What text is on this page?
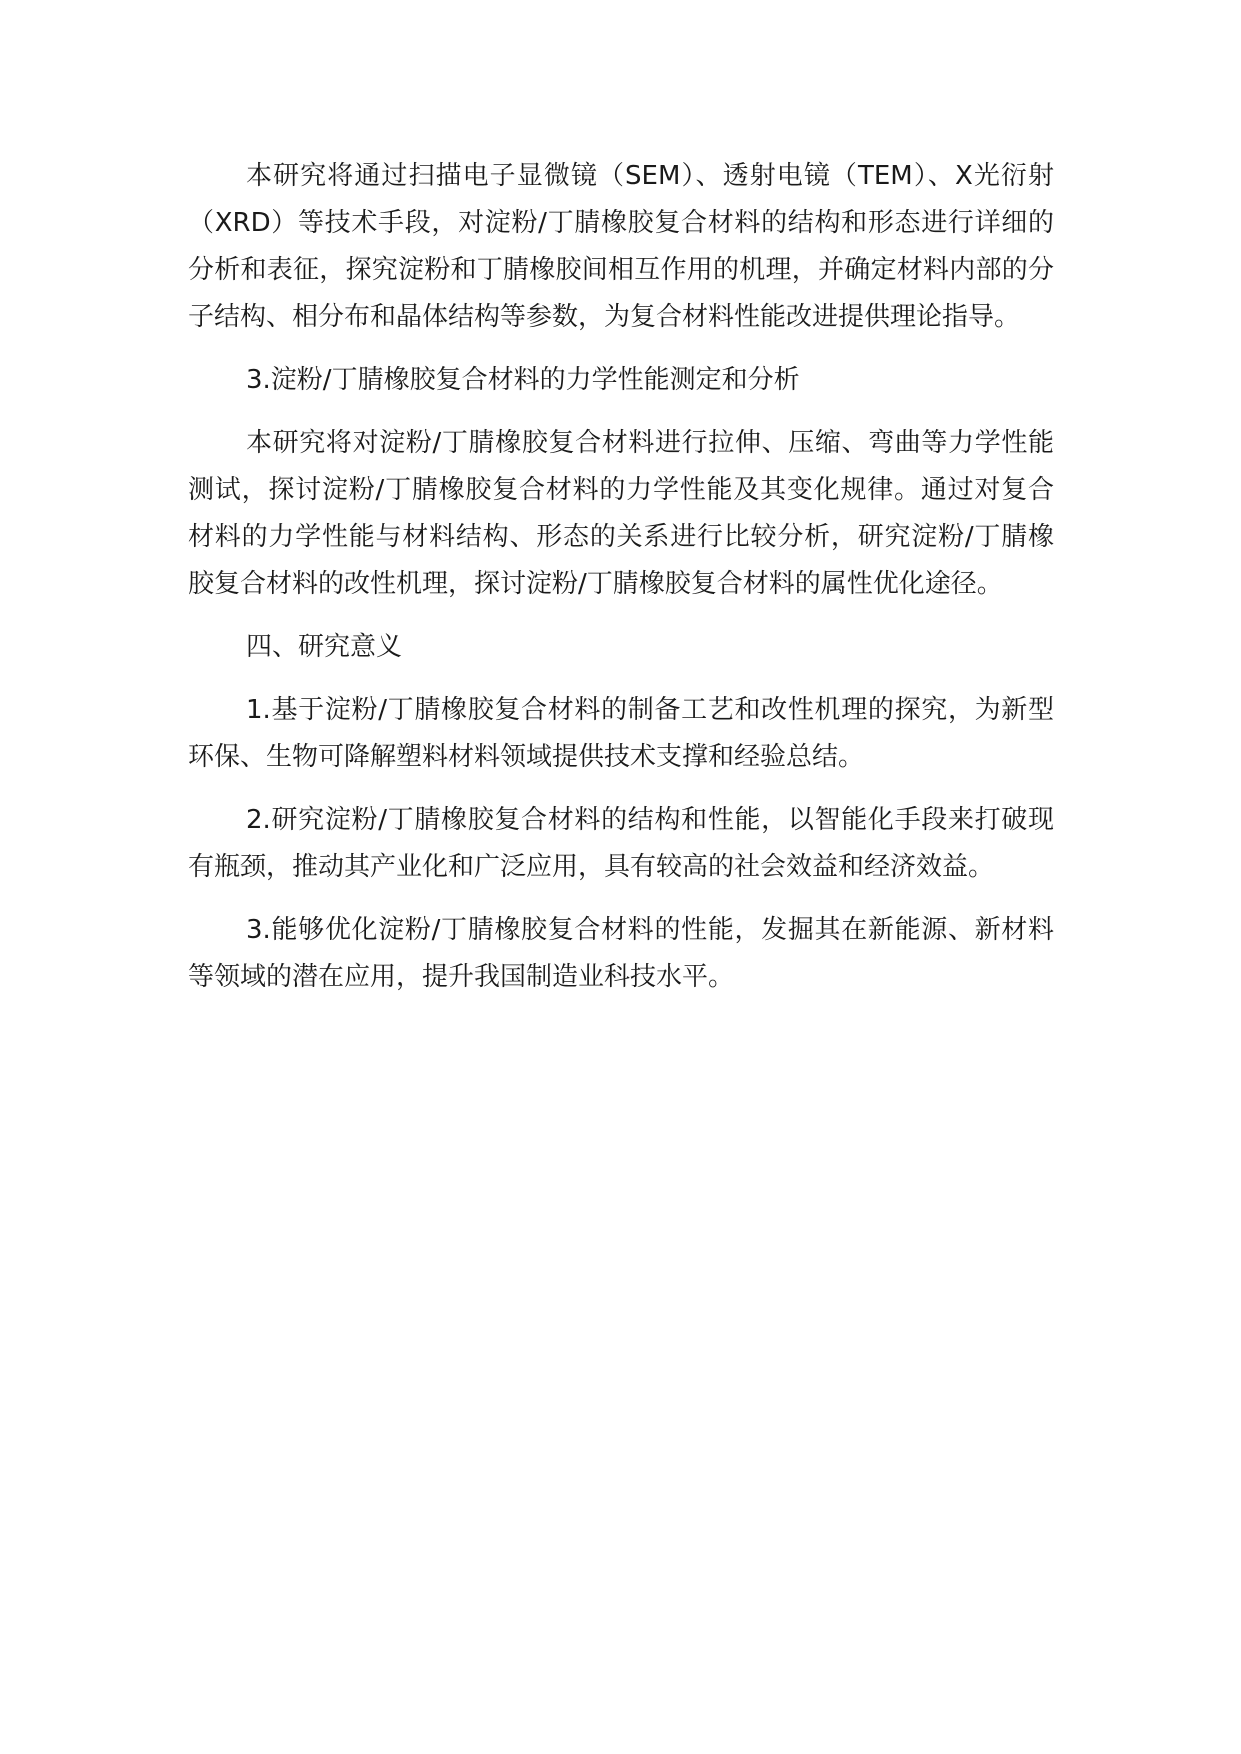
本研究将通过扫描电子显微镜（SEM）、透射电镜（TEM）、X光衍射（XRD）等技术手段，对淀粉/丁腈橡胶复合材料的结构和形态进行详细的分析和表征，探究淀粉和丁腈橡胶间相互作用的机理，并确定材料内部的分子结构、相分布和晶体结构等参数，为复合材料性能改进提供理论指导。

3.淀粉/丁腈橡胶复合材料的力学性能测定和分析

本研究将对淀粉/丁腈橡胶复合材料进行拉伸、压缩、弯曲等力学性能测试，探讨淀粉/丁腈橡胶复合材料的力学性能及其变化规律。通过对复合材料的力学性能与材料结构、形态的关系进行比较分析，研究淀粉/丁腈橡胶复合材料的改性机理，探讨淀粉/丁腈橡胶复合材料的属性优化途径。

四、研究意义

1.基于淀粉/丁腈橡胶复合材料的制备工艺和改性机理的探究，为新型环保、生物可降解塑料材料领域提供技术支撑和经验总结。

2.研究淀粉/丁腈橡胶复合材料的结构和性能，以智能化手段来打破现有瓶颈，推动其产业化和广泛应用，具有较高的社会效益和经济效益。

3.能够优化淀粉/丁腈橡胶复合材料的性能，发掘其在新能源、新材料等领域的潜在应用，提升我国制造业科技水平。
